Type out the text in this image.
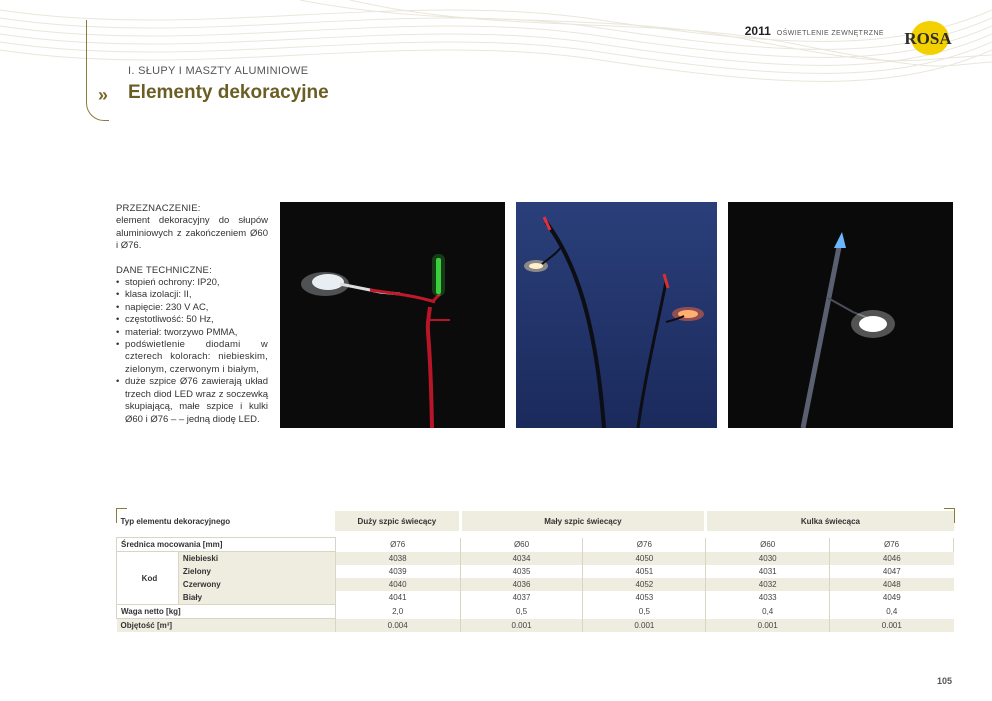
2011 OŚWIETLENIE ZEWNĘTRZNE ROSA
I. SŁUPY I MASZTY ALUMINIOWE
» Elementy dekoracyjne
PRZEZNACZENIE:
element dekoracyjny do słupów aluminiowych z zakończeniem Ø60 i Ø76.
DANE TECHNICZNE:
• stopień ochrony: IP20,
• klasa izolacji: II,
• napięcie: 230 V AC,
• częstotliwość: 50 Hz,
• materiał: tworzywo PMMA,
• podświetlenie diodami w czterech kolorach: niebieskim, zielonym, czerwonym i białym,
• duże szpice Ø76 zawierają układ trzech diod LED wraz z soczewką skupiającą, małe szpice i kulki Ø60 i Ø76 – – jedną diodę LED.
Typ elementu dekoracyjnego		Duży szpic świecący	Mały szpic świecący		Kulka świecąca	

Średnica mocowania [mm]		Ø76	Ø60	Ø76	Ø60	Ø76
Kod	Niebieski	4038	4034	4050	4030	4046
	Zielony	4039	4035	4051	4031	4047
	Czerwony	4040	4036	4052	4032	4048
	Biały	4041	4037	4053	4033	4049
Waga netto [kg]		2,0	0,5	0,5	0,4	0,4
Objętość [m³]		0.004	0.001	0.001	0.001	0.001
105
